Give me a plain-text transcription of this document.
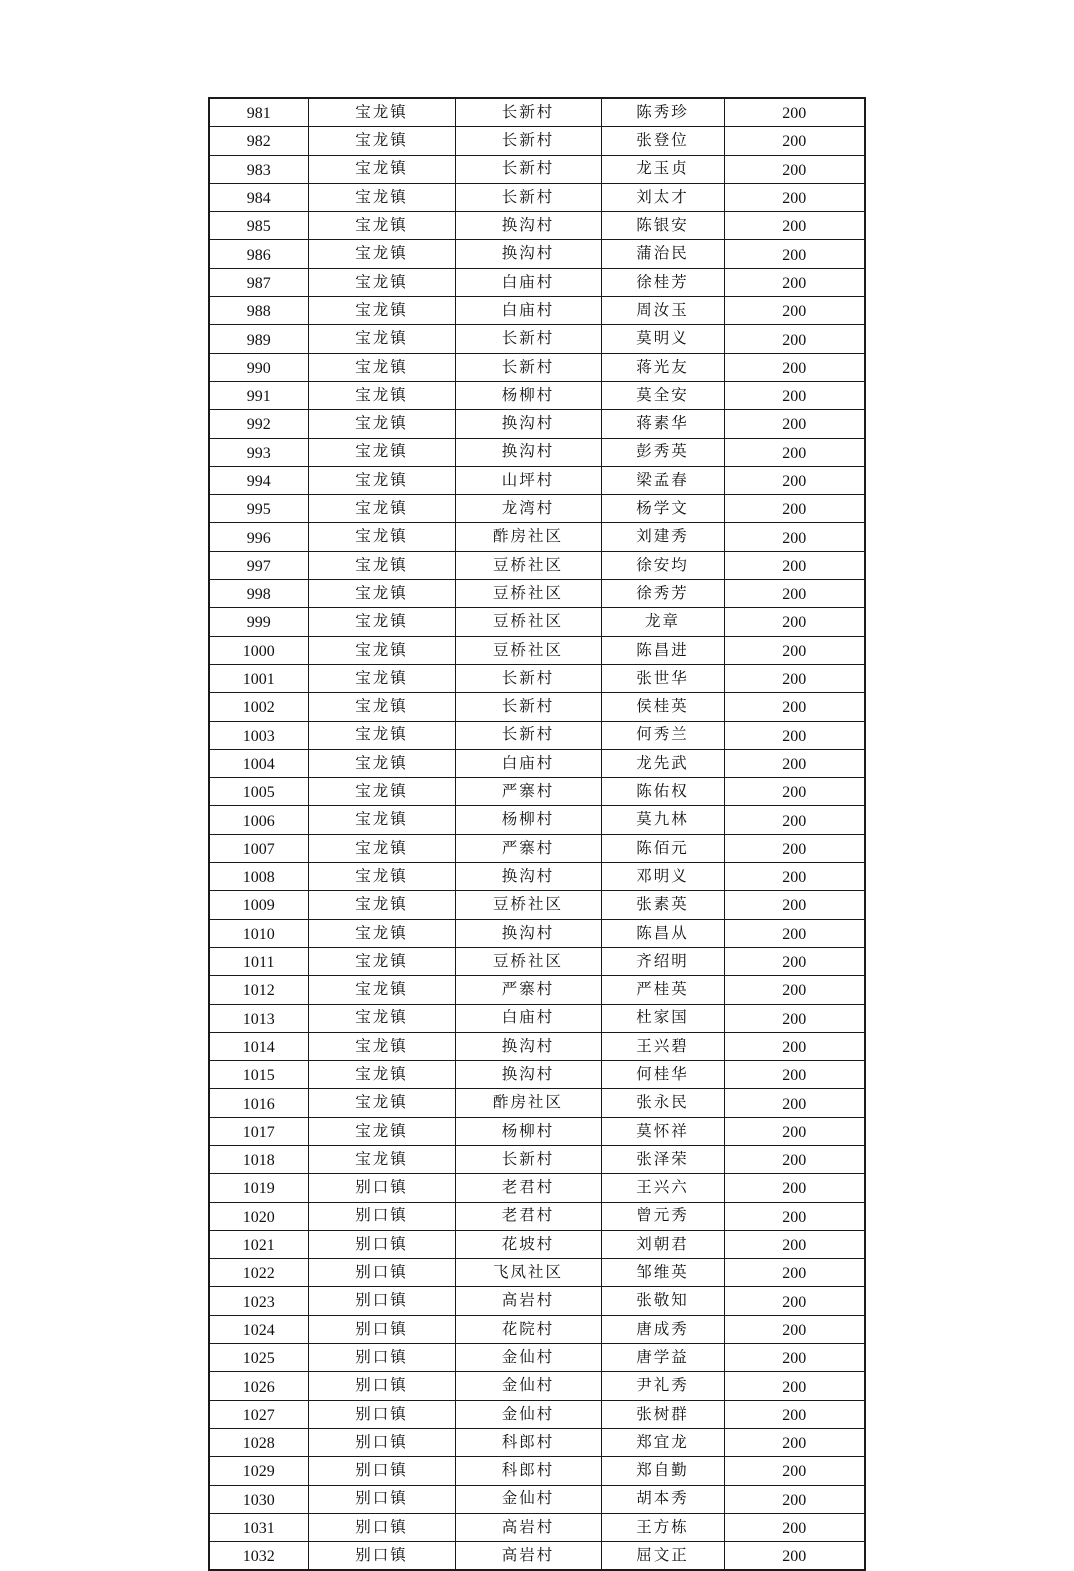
981	宝龙镇	长新村	陈秀珍	200
982	宝龙镇	长新村	张登位	200
983	宝龙镇	长新村	龙玉贞	200
984	宝龙镇	长新村	刘太才	200
985	宝龙镇	换沟村	陈银安	200
986	宝龙镇	换沟村	蒲治民	200
987	宝龙镇	白庙村	徐桂芳	200
988	宝龙镇	白庙村	周汝玉	200
989	宝龙镇	长新村	莫明义	200
990	宝龙镇	长新村	蒋光友	200
991	宝龙镇	杨柳村	莫全安	200
992	宝龙镇	换沟村	蒋素华	200
993	宝龙镇	换沟村	彭秀英	200
994	宝龙镇	山坪村	梁孟春	200
995	宝龙镇	龙湾村	杨学文	200
996	宝龙镇	酢房社区	刘建秀	200
997	宝龙镇	豆桥社区	徐安均	200
998	宝龙镇	豆桥社区	徐秀芳	200
999	宝龙镇	豆桥社区	龙章	200
1000	宝龙镇	豆桥社区	陈昌进	200
1001	宝龙镇	长新村	张世华	200
1002	宝龙镇	长新村	侯桂英	200
1003	宝龙镇	长新村	何秀兰	200
1004	宝龙镇	白庙村	龙先武	200
1005	宝龙镇	严寨村	陈佑权	200
1006	宝龙镇	杨柳村	莫九林	200
1007	宝龙镇	严寨村	陈佰元	200
1008	宝龙镇	换沟村	邓明义	200
1009	宝龙镇	豆桥社区	张素英	200
1010	宝龙镇	换沟村	陈昌从	200
1011	宝龙镇	豆桥社区	齐绍明	200
1012	宝龙镇	严寨村	严桂英	200
1013	宝龙镇	白庙村	杜家国	200
1014	宝龙镇	换沟村	王兴碧	200
1015	宝龙镇	换沟村	何桂华	200
1016	宝龙镇	酢房社区	张永民	200
1017	宝龙镇	杨柳村	莫怀祥	200
1018	宝龙镇	长新村	张泽荣	200
1019	别口镇	老君村	王兴六	200
1020	别口镇	老君村	曾元秀	200
1021	别口镇	花坡村	刘朝君	200
1022	别口镇	飞凤社区	邹维英	200
1023	别口镇	高岩村	张敬知	200
1024	别口镇	花院村	唐成秀	200
1025	别口镇	金仙村	唐学益	200
1026	别口镇	金仙村	尹礼秀	200
1027	别口镇	金仙村	张树群	200
1028	别口镇	科郎村	郑宜龙	200
1029	别口镇	科郎村	郑自勤	200
1030	别口镇	金仙村	胡本秀	200
1031	别口镇	高岩村	王方栋	200
1032	别口镇	高岩村	屈文正	200
